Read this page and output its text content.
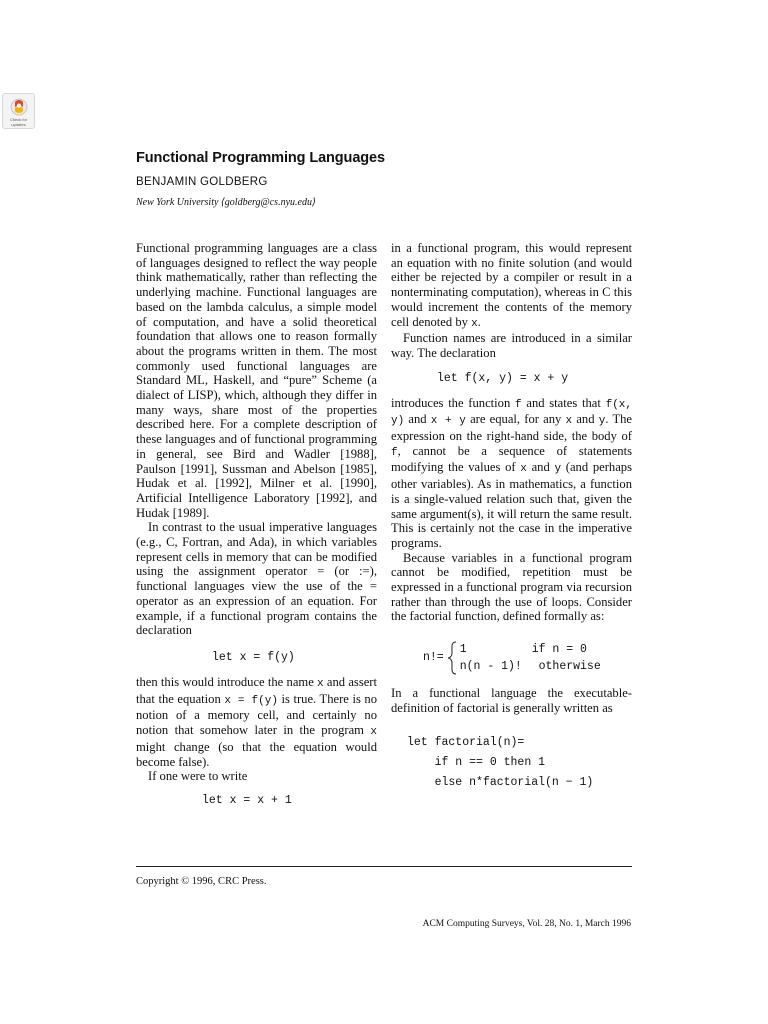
Check for
updates
Functional Programming Languages
BENJAMIN GOLDBERG
New York University ⟨goldberg@cs.nyu.edu⟩

Functional programming languages are a class of languages designed to reflect the way people think mathematically, rather than reflecting the underlying machine. Functional languages are based on the lambda calculus, a simple model of computation, and have a solid theoretical foundation that allows one to reason formally about the programs written in them. The most commonly used functional languages are Standard ML, Haskell, and “pure” Scheme (a dialect of LISP), which, although they differ in many ways, share most of the properties described here. For a complete description of these languages and of functional programming in general, see Bird and Wadler [1988], Paulson [1991], Sussman and Abelson [1985], Hudak et al. [1992], Milner et al. [1990], Artificial Intelligence Laboratory [1992], and Hudak [1989].

In contrast to the usual imperative languages (e.g., C, Fortran, and Ada), in which variables represent cells in memory that can be modified using the assignment operator = (or :=), functional languages view the use of the = operator as an expression of an equation. For example, if a functional program contains the declaration

let x = f(y)

then this would introduce the name x and assert that the equation x = f(y) is true. There is no notion of a memory cell, and certainly no notion that somehow later in the program x might change (so that the equation would become false).

If one were to write

let x = x + 1

in a functional program, this would represent an equation with no finite solution (and would either be rejected by a compiler or result in a nonterminating computation), whereas in C this would increment the contents of the memory cell denoted by x.

Function names are introduced in a similar way. The declaration

let f(x, y) = x + y

introduces the function f and states that f(x, y) and x + y are equal, for any x and y. The expression on the right-hand side, the body of f, cannot be a sequence of statements modifying the values of x and y (and perhaps other variables). As in mathematics, a function is a single-valued relation such that, given the same argument(s), it will return the same result. This is certainly not the case in the imperative programs.

Because variables in a functional program cannot be modified, repetition must be expressed in a functional program via recursion rather than through the use of loops. Consider the factorial function, defined formally as:

n!=
1	if n = 0
n(n - 1)! otherwise

In a functional language the executable-definition of factorial is generally written as

let factorial(n)=
if n == 0 then 1
else n*factorial(n − 1)
Copyright © 1996, CRC Press.
ACM Computing Surveys, Vol. 28, No. 1, March 1996
